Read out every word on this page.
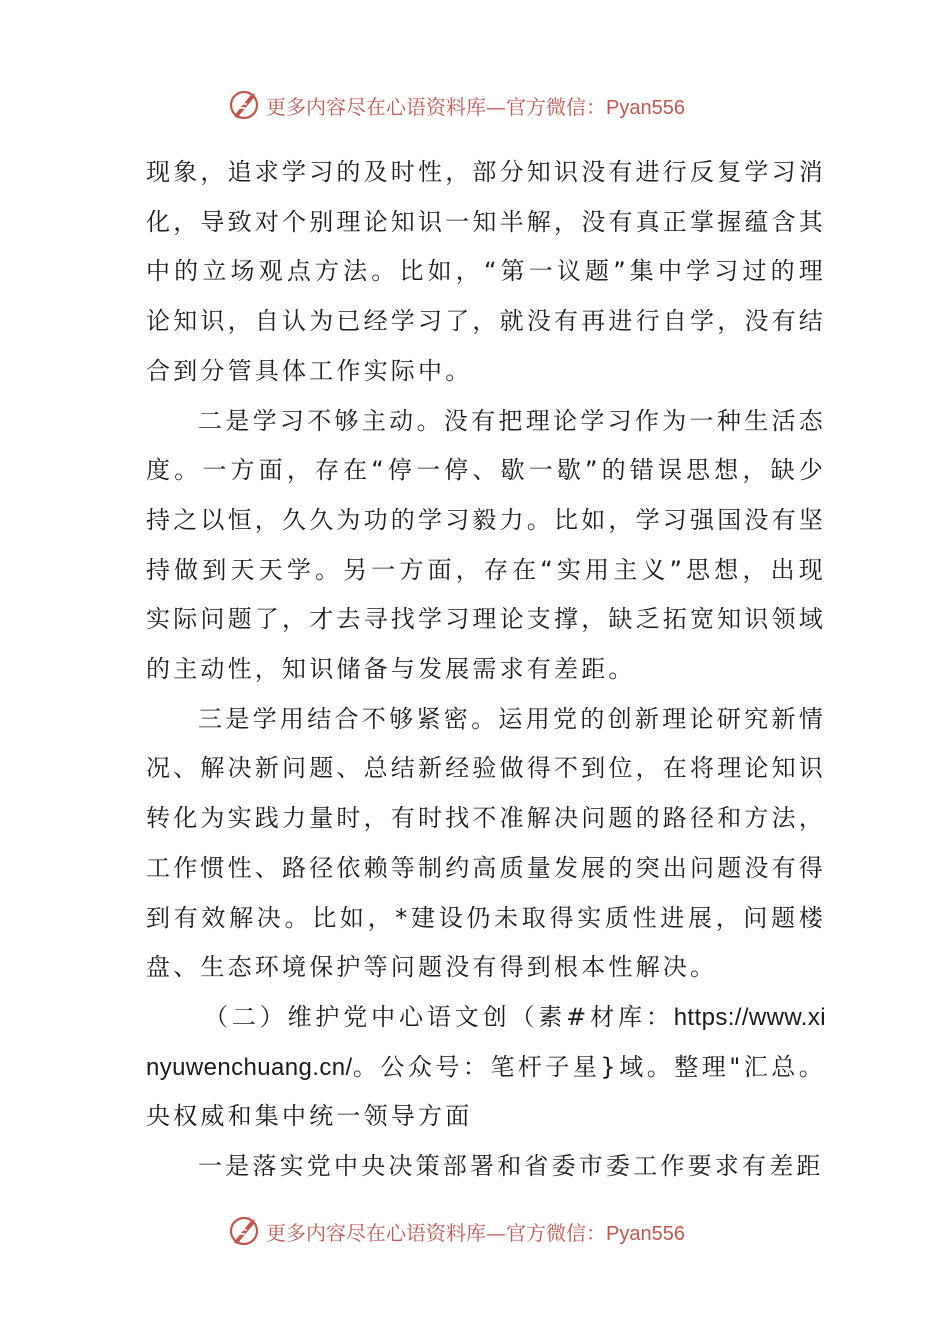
更多内容尽在心语资料库—官方微信：Pyan556

现象，追求学习的及时性，部分知识没有进行反复学习消化，导致对个别理论知识一知半解，没有真正掌握蕴含其中的立场观点方法。比如，“第一议题”集中学习过的理论知识，自认为已经学习了，就没有再进行自学，没有结合到分管具体工作实际中。

二是学习不够主动。没有把理论学习作为一种生活态度。一方面，存在“停一停、歇一歇”的错误思想，缺少持之以恒，久久为功的学习毅力。比如，学习强国没有坚持做到天天学。另一方面，存在“实用主义”思想，出现实际问题了，才去寻找学习理论支撑，缺乏拓宽知识领域的主动性，知识储备与发展需求有差距。

三是学用结合不够紧密。运用党的创新理论研究新情况、解决新问题、总结新经验做得不到位，在将理论知识转化为实践力量时，有时找不准解决问题的路径和方法，工作惯性、路径依赖等制约高质量发展的突出问题没有得到有效解决。比如，*建设仍未取得实质性进展，问题楼盘、生态环境保护等问题没有得到根本性解决。

（二）维护党中心语文创（素#材库：https://www.xinyuwenchuang.cn/。公众号：笔杆子星}域。整理"汇总。央权威和集中统一领导方面

一是落实党中央决策部署和省委市委工作要求有差距

更多内容尽在心语资料库—官方微信：Pyan556
